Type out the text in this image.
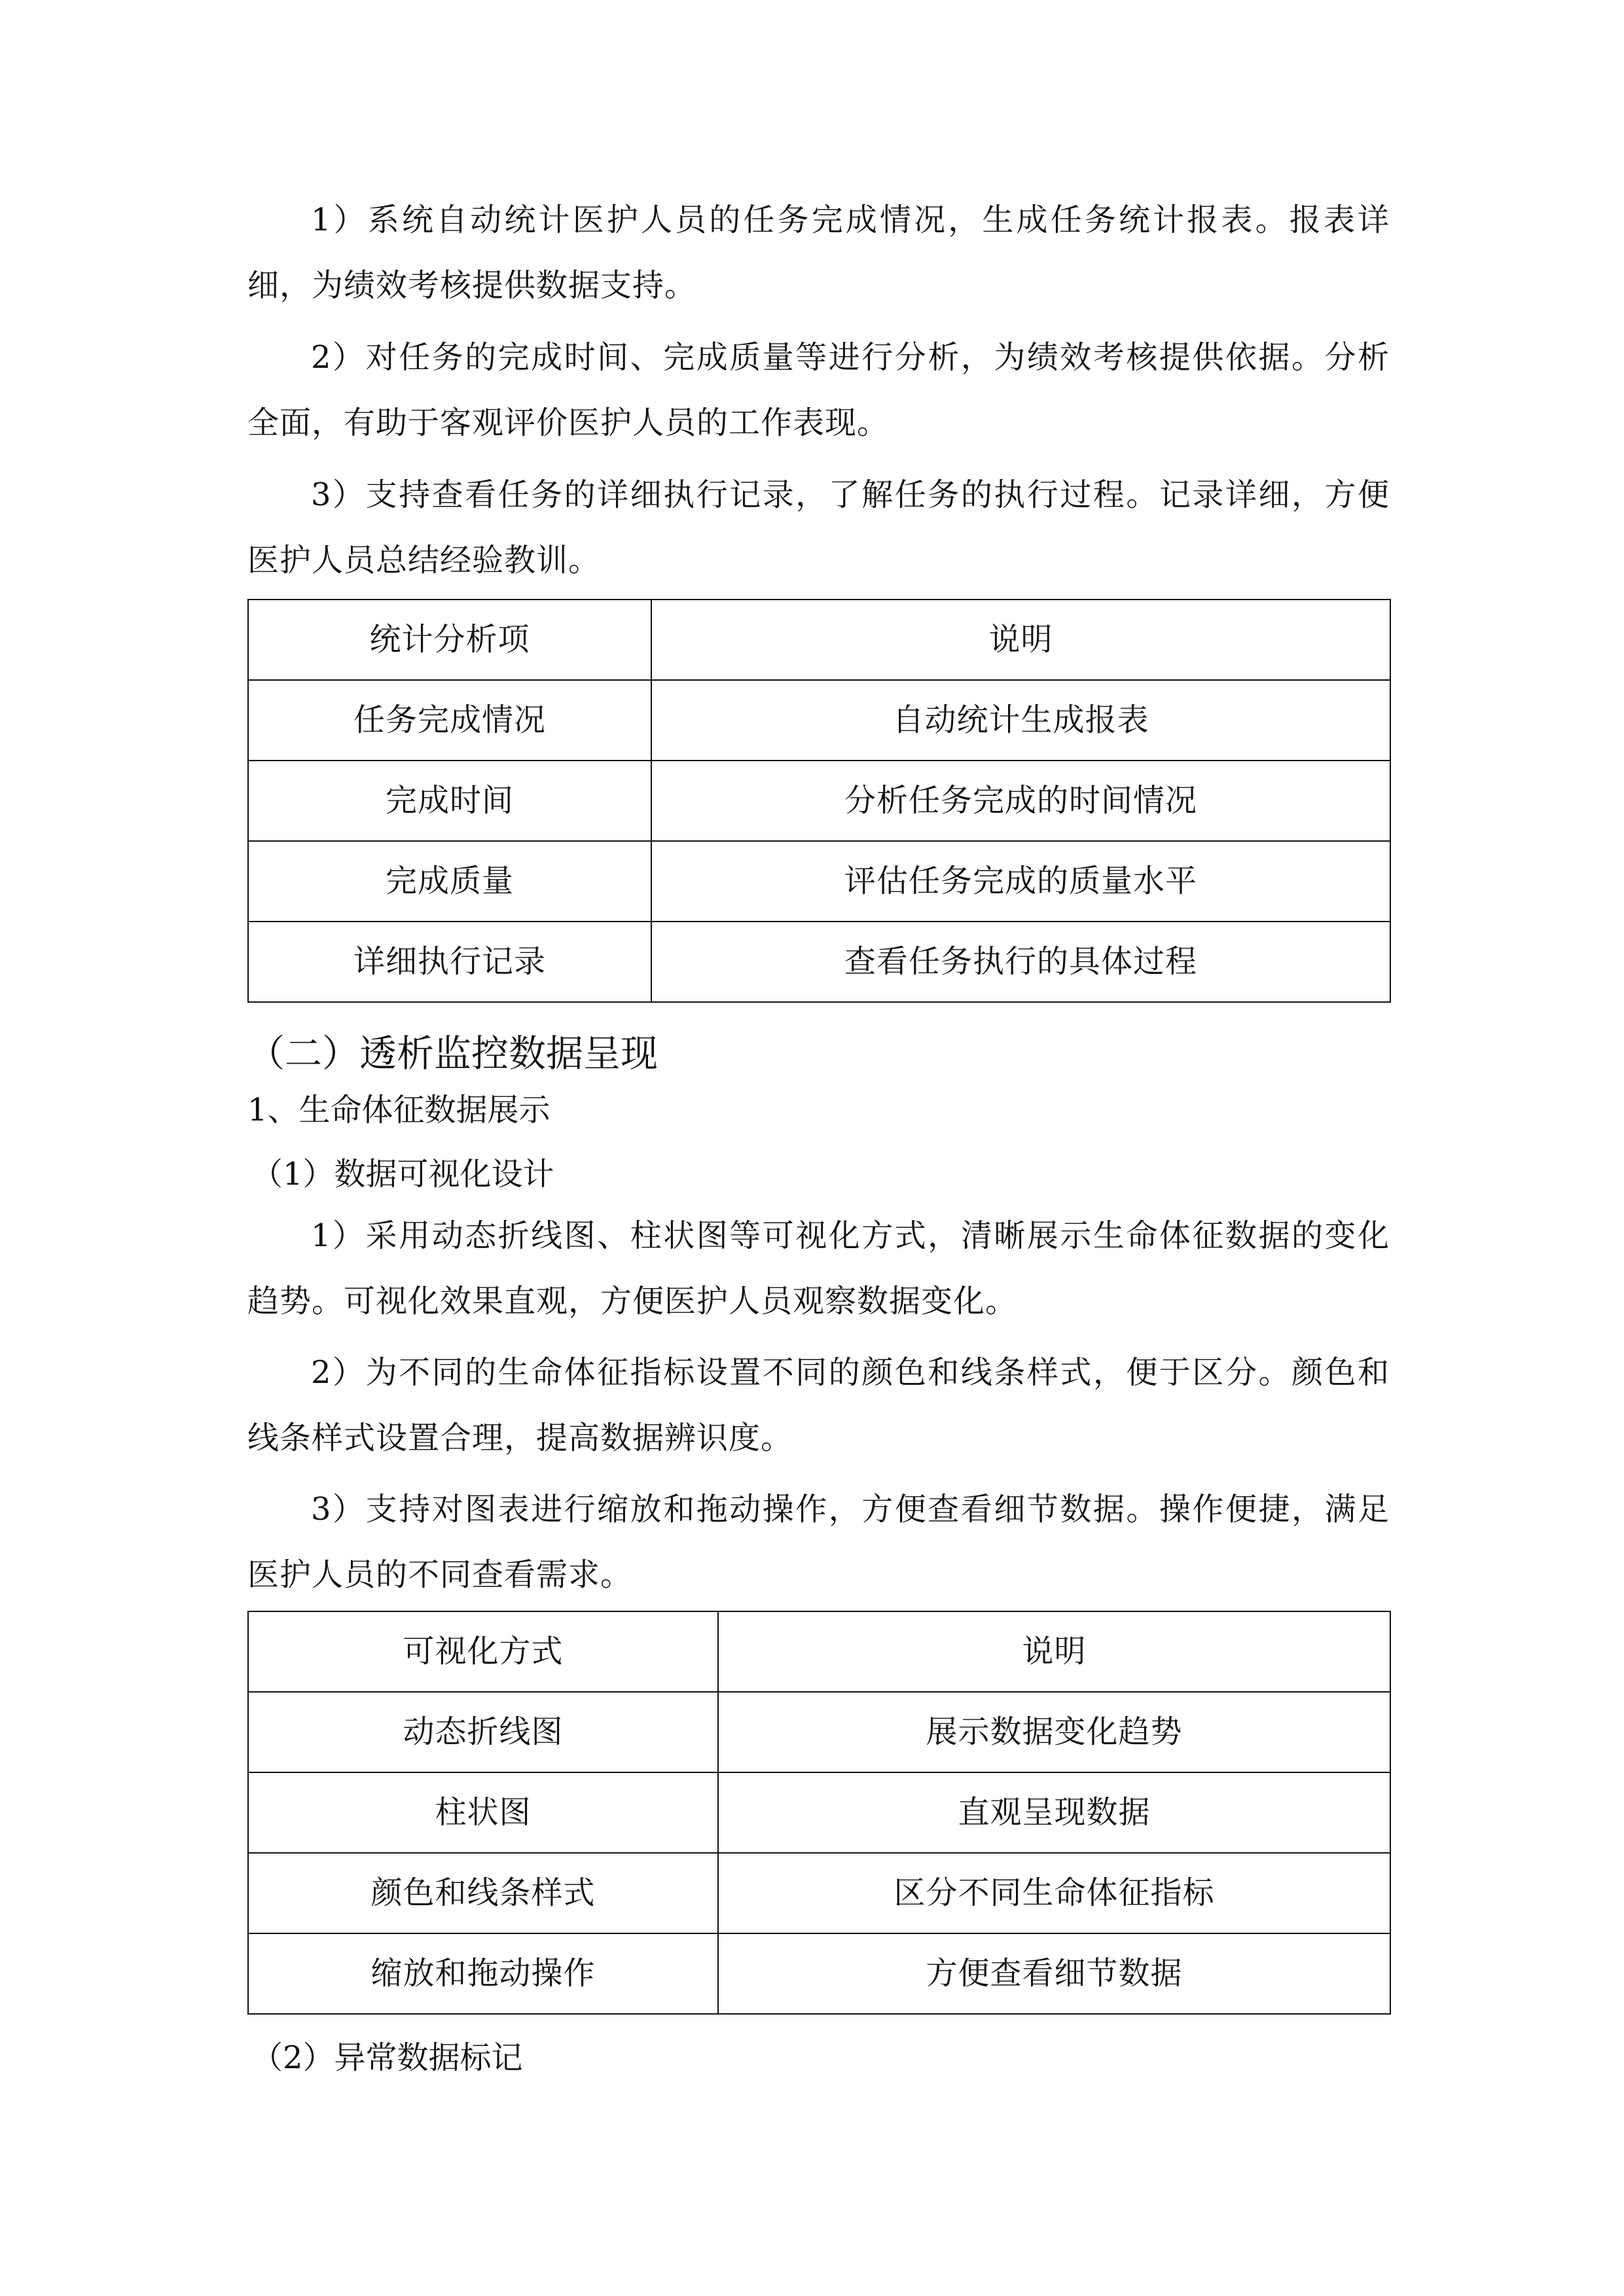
1）系统自动统计医护人员的任务完成情况，生成任务统计报表。报表详细，为绩效考核提供数据支持。

2）对任务的完成时间、完成质量等进行分析，为绩效考核提供依据。分析全面，有助于客观评价医护人员的工作表现。

3）支持查看任务的详细执行记录，了解任务的执行过程。记录详细，方便医护人员总结经验教训。

统计分析项	说明
任务完成情况	自动统计生成报表
完成时间	分析任务完成的时间情况
完成质量	评估任务完成的质量水平
详细执行记录	查看任务执行的具体过程
（二）透析监控数据呈现
1、生命体征数据展示
（1）数据可视化设计

1）采用动态折线图、柱状图等可视化方式，清晰展示生命体征数据的变化趋势。可视化效果直观，方便医护人员观察数据变化。

2）为不同的生命体征指标设置不同的颜色和线条样式，便于区分。颜色和线条样式设置合理，提高数据辨识度。

3）支持对图表进行缩放和拖动操作，方便查看细节数据。操作便捷，满足医护人员的不同查看需求。

可视化方式	说明
动态折线图	展示数据变化趋势
柱状图	直观呈现数据
颜色和线条样式	区分不同生命体征指标
缩放和拖动操作	方便查看细节数据
（2）异常数据标记
